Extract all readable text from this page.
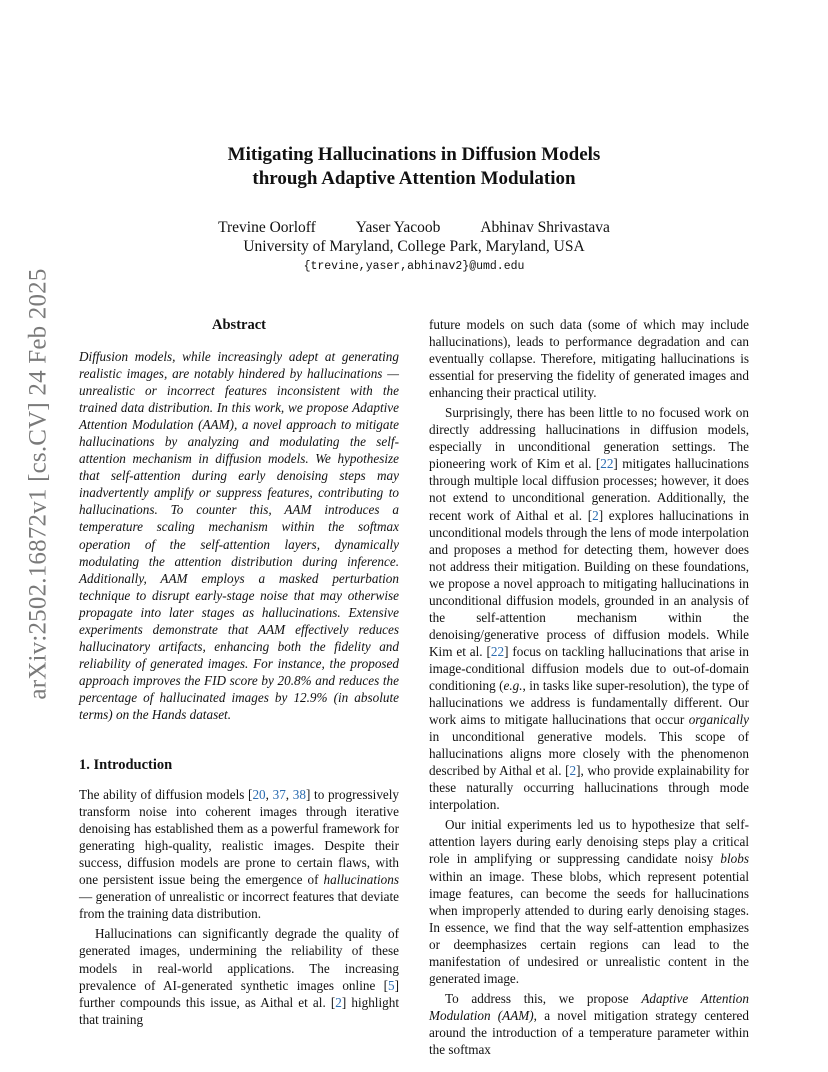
arXiv:2502.16872v1 [cs.CV] 24 Feb 2025
Mitigating Hallucinations in Diffusion Models
through Adaptive Attention Modulation
Trevine Oorloff	Yaser Yacoob	Abhinav Shrivastava
University of Maryland, College Park, Maryland, USA
{trevine,yaser,abhinav2}@umd.edu
Abstract

Diffusion models, while increasingly adept at generating realistic images, are notably hindered by hallucinations — unrealistic or incorrect features inconsistent with the trained data distribution. In this work, we propose Adaptive Attention Modulation (AAM), a novel approach to mitigate hallucinations by analyzing and modulating the self-attention mechanism in diffusion models. We hypothesize that self-attention during early denoising steps may inadvertently amplify or suppress features, contributing to hallucinations. To counter this, AAM introduces a temperature scaling mechanism within the softmax operation of the self-attention layers, dynamically modulating the attention distribution during inference. Additionally, AAM employs a masked perturbation technique to disrupt early-stage noise that may otherwise propagate into later stages as hallucinations. Extensive experiments demonstrate that AAM effectively reduces hallucinatory artifacts, enhancing both the fidelity and reliability of generated images. For instance, the proposed approach improves the FID score by 20.8% and reduces the percentage of hallucinated images by 12.9% (in absolute terms) on the Hands dataset.

1. Introduction

The ability of diffusion models [20, 37, 38] to progressively transform noise into coherent images through iterative denoising has established them as a powerful framework for generating high-quality, realistic images. Despite their success, diffusion models are prone to certain flaws, with one persistent issue being the emergence of hallucinations — generation of unrealistic or incorrect features that deviate from the training data distribution.

Hallucinations can significantly degrade the quality of generated images, undermining the reliability of these models in real-world applications. The increasing prevalence of AI-generated synthetic images online [5] further compounds this issue, as Aithal et al. [2] highlight that training

future models on such data (some of which may include hallucinations), leads to performance degradation and can eventually collapse. Therefore, mitigating hallucinations is essential for preserving the fidelity of generated images and enhancing their practical utility.

Surprisingly, there has been little to no focused work on directly addressing hallucinations in diffusion models, especially in unconditional generation settings. The pioneering work of Kim et al. [22] mitigates hallucinations through multiple local diffusion processes; however, it does not extend to unconditional generation. Additionally, the recent work of Aithal et al. [2] explores hallucinations in unconditional models through the lens of mode interpolation and proposes a method for detecting them, however does not address their mitigation. Building on these foundations, we propose a novel approach to mitigating hallucinations in unconditional diffusion models, grounded in an analysis of the self-attention mechanism within the denoising/generative process of diffusion models. While Kim et al. [22] focus on tackling hallucinations that arise in image-conditional diffusion models due to out-of-domain conditioning (e.g., in tasks like super-resolution), the type of hallucinations we address is fundamentally different. Our work aims to mitigate hallucinations that occur organically in unconditional generative models. This scope of hallucinations aligns more closely with the phenomenon described by Aithal et al. [2], who provide explainability for these naturally occurring hallucinations through mode interpolation.

Our initial experiments led us to hypothesize that self-attention layers during early denoising steps play a critical role in amplifying or suppressing candidate noisy blobs within an image. These blobs, which represent potential image features, can become the seeds for hallucinations when improperly attended to during early denoising stages. In essence, we find that the way self-attention emphasizes or deemphasizes certain regions can lead to the manifestation of undesired or unrealistic content in the generated image.

To address this, we propose Adaptive Attention Modulation (AAM), a novel mitigation strategy centered around the introduction of a temperature parameter within the softmax
